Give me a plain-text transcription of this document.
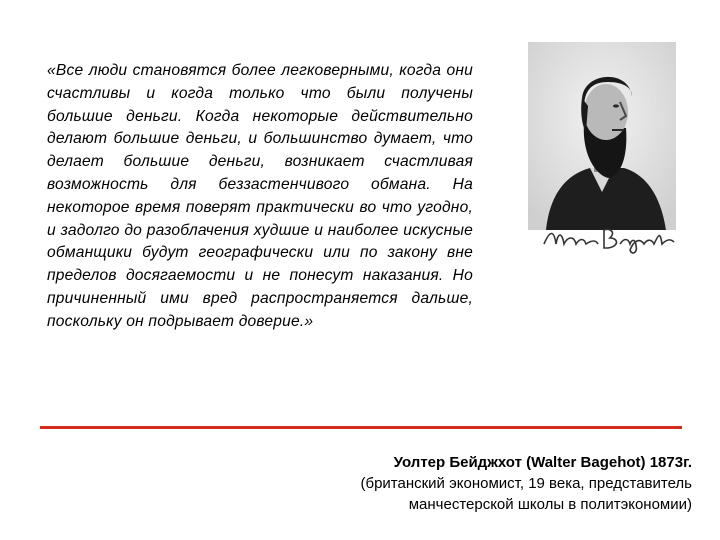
«Все люди становятся более легковерными, когда они счастливы и когда только что были получены большие деньги. Когда некоторые действительно делают большие деньги, и большинство думает, что делает большие деньги, возникает счастливая возможность для беззастенчивого обмана. На некоторое время поверят практически во что угодно, и задолго до разоблачения худшие и наиболее искусные обманщики будут географически или по закону вне пределов досягаемости и не понесут наказания. Но причиненный ими вред распространяется дальше, поскольку он подрывает доверие.»

Уолтер Бейджхот (Walter Bagehot) 1873г.
(британский экономист, 19 века, представитель манчестерской школы в политэкономии)
